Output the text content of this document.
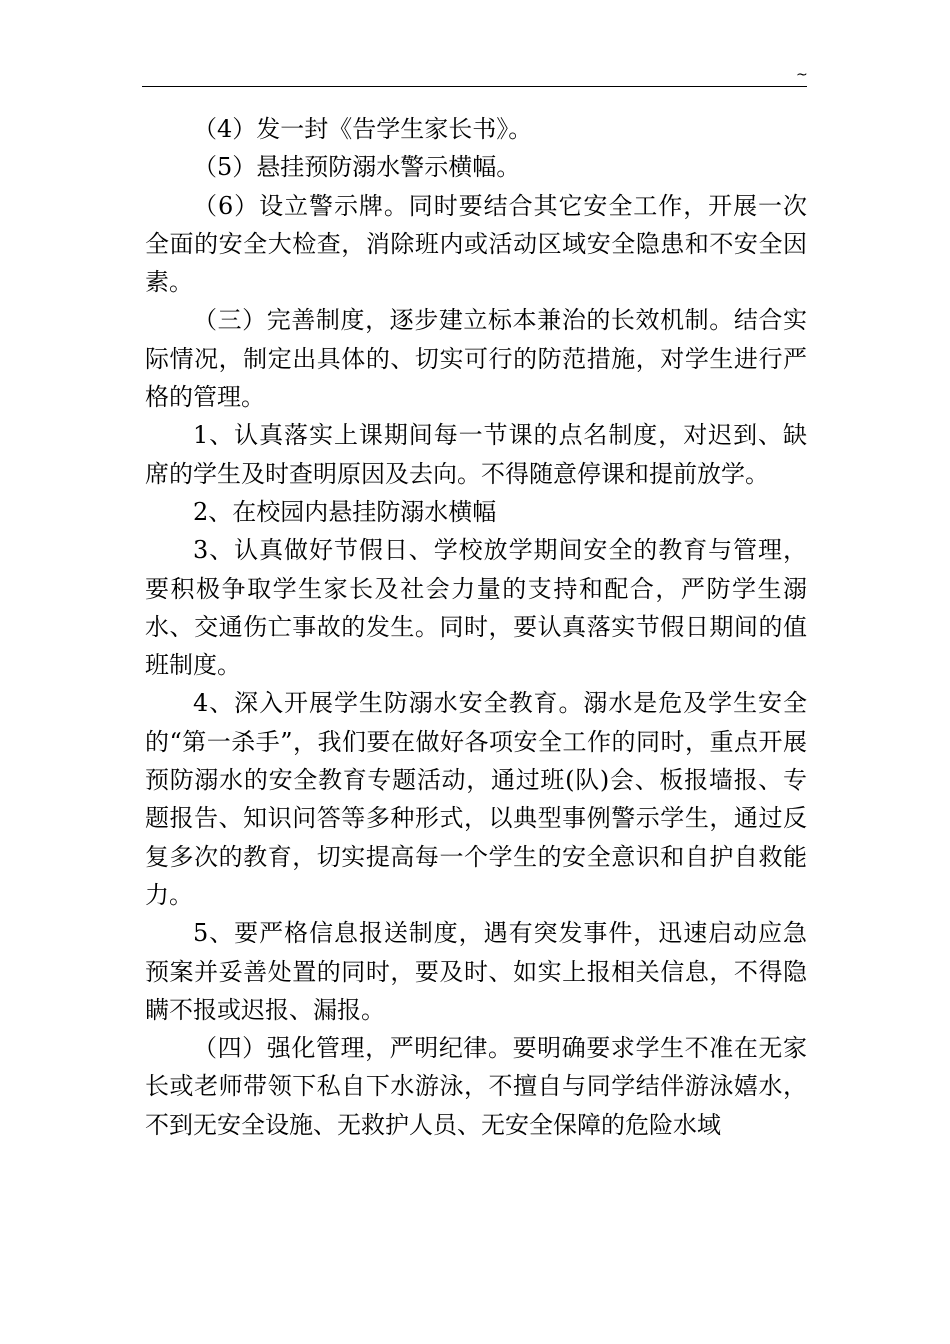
~

（4）发一封《告学生家长书》。

（5）悬挂预防溺水警示横幅。

（6）设立警示牌。同时要结合其它安全工作，开展一次全面的安全大检查，消除班内或活动区域安全隐患和不安全因素。

（三）完善制度，逐步建立标本兼治的长效机制。结合实际情况，制定出具体的、切实可行的防范措施，对学生进行严格的管理。

1、认真落实上课期间每一节课的点名制度，对迟到、缺席的学生及时查明原因及去向。不得随意停课和提前放学。

2、在校园内悬挂防溺水横幅

3、认真做好节假日、学校放学期间安全的教育与管理，要积极争取学生家长及社会力量的支持和配合，严防学生溺水、交通伤亡事故的发生。同时，要认真落实节假日期间的值班制度。

4、深入开展学生防溺水安全教育。溺水是危及学生安全的“第一杀手”，我们要在做好各项安全工作的同时，重点开展预防溺水的安全教育专题活动，通过班(队)会、板报墙报、专题报告、知识问答等多种形式，以典型事例警示学生，通过反复多次的教育，切实提高每一个学生的安全意识和自护自救能力。

5、要严格信息报送制度，遇有突发事件，迅速启动应急预案并妥善处置的同时，要及时、如实上报相关信息，不得隐瞒不报或迟报、漏报。

（四）强化管理，严明纪律。要明确要求学生不准在无家长或老师带领下私自下水游泳，不擅自与同学结伴游泳嬉水，不到无安全设施、无救护人员、无安全保障的危险水域
